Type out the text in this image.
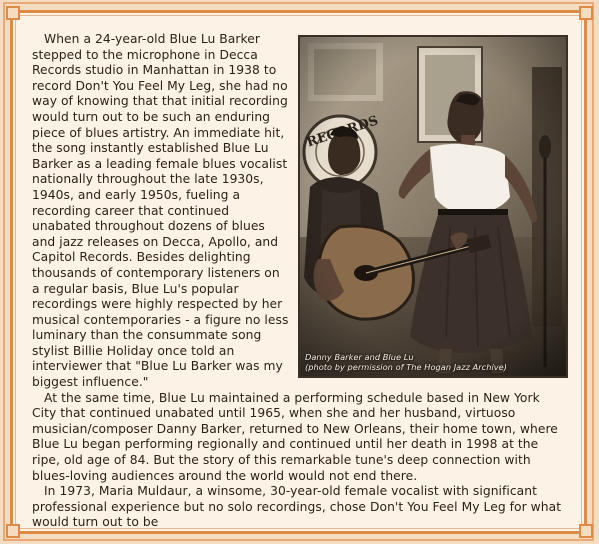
Danny Barker and Blue Lu
(photo by permission of The Hogan Jazz Archive)

When a 24-year-old Blue Lu Barker stepped to the microphone in Decca Records studio in Manhattan in 1938 to record Don't You Feel My Leg, she had no way of knowing that that initial recording would turn out to be such an enduring piece of blues artistry. An immediate hit, the song instantly established Blue Lu Barker as a leading female blues vocalist nationally throughout the late 1930s, 1940s, and early 1950s, fueling a recording career that continued unabated throughout dozens of blues and jazz releases on Decca, Apollo, and Capitol Records. Besides delighting thousands of contemporary listeners on a regular basis, Blue Lu's popular recordings were highly respected by her musical contemporaries - a figure no less luminary than the consummate song stylist Billie Holiday once told an interviewer that "Blue Lu Barker was my biggest influence."

At the same time, Blue Lu maintained a performing schedule based in New York City that continued unabated until 1965, when she and her husband, virtuoso musician/composer Danny Barker, returned to New Orleans, their home town, where Blue Lu began performing regionally and continued until her death in 1998 at the ripe, old age of 84. But the story of this remarkable tune's deep connection with blues-loving audiences around the world would not end there.

In 1973, Maria Muldaur, a winsome, 30-year-old female vocalist with significant professional experience but no solo recordings, chose Don't You Feel My Leg for what would turn out to be
